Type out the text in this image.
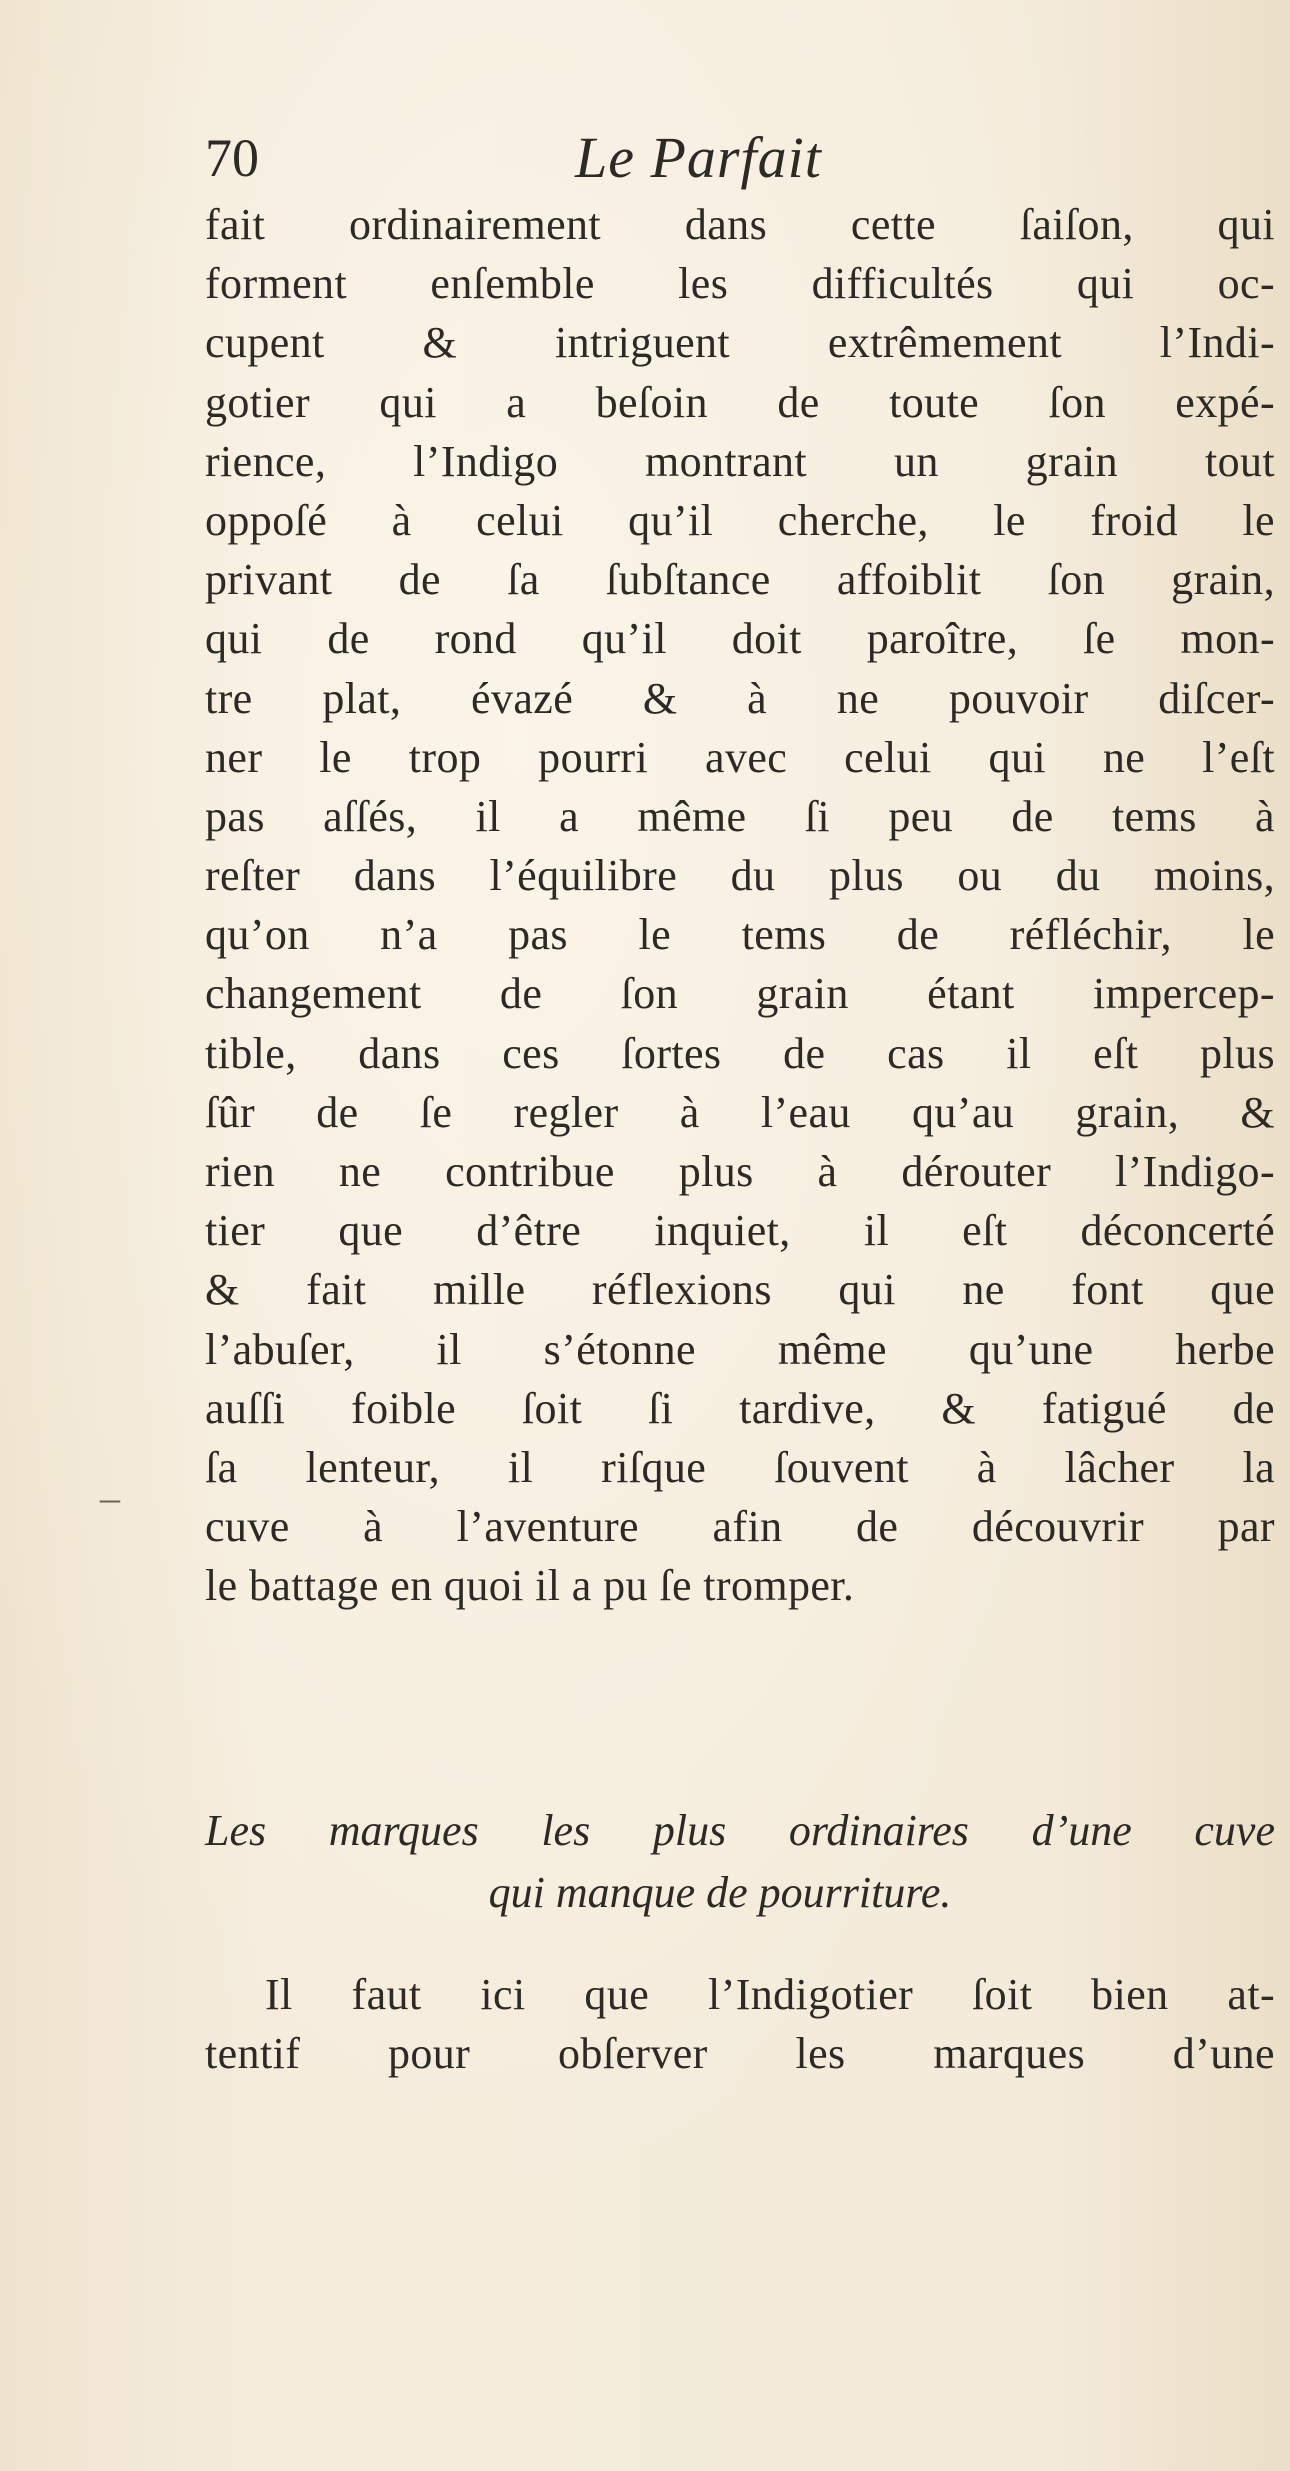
70	Le Parfait
–
fait ordinairement dans cette ſaiſon, qui
forment enſemble les difficultés qui oc-
cupent & intriguent extrêmement l’Indi-
gotier qui a beſoin de toute ſon expé-
rience, l’Indigo montrant un grain tout
oppoſé à celui qu’il cherche, le froid le
privant de ſa ſubſtance affoiblit ſon grain,
qui de rond qu’il doit paroître, ſe mon-
tre plat, évazé & à ne pouvoir diſcer-
ner le trop pourri avec celui qui ne l’eſt
pas aſſés, il a même ſi peu de tems à
reſter dans l’équilibre du plus ou du moins,
qu’on n’a pas le tems de réfléchir, le
changement de ſon grain étant impercep-
tible, dans ces ſortes de cas il eſt plus
ſûr de ſe regler à l’eau qu’au grain, &
rien ne contribue plus à dérouter l’Indigo-
tier que d’être inquiet, il eſt déconcerté
& fait mille réflexions qui ne font que
l’abuſer, il s’étonne même qu’une herbe
auſſi foible ſoit ſi tardive, & fatigué de
ſa lenteur, il riſque ſouvent à lâcher la
cuve à l’aventure afin de découvrir par
le battage en quoi il a pu ſe tromper.
Les marques les plus ordinaires d’une cuve
qui manque de pourriture.
Il faut ici que l’Indigotier ſoit bien at-
tentif pour obſerver les marques d’une
